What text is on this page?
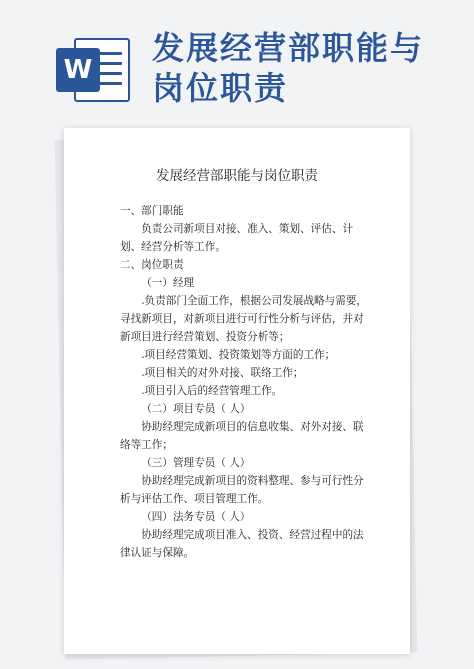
W
发展经营部职能与
岗位职责
发展经营部职能与岗位职责

一、部门职能

负责公司新项目对接、准入、策划、评估、计划、经营分析等工作。

二、岗位职责

（一）经理

.负责部门全面工作，根据公司发展战略与需要，寻找新项目，对新项目进行可行性分析与评估，并对新项目进行经营策划、投资分析等；

.项目经营策划、投资策划等方面的工作；

.项目相关的对外对接、联络工作；

.项目引入后的经营管理工作。

（二）项目专员（ 人）

协助经理完成新项目的信息收集、对外对接、联络等工作；

（三）管理专员（ 人）

协助经理完成新项目的资料整理、参与可行性分析与评估工作、项目管理工作。

（四）法务专员（ 人）

协助经理完成项目准入、投资、经营过程中的法律认证与保障。
